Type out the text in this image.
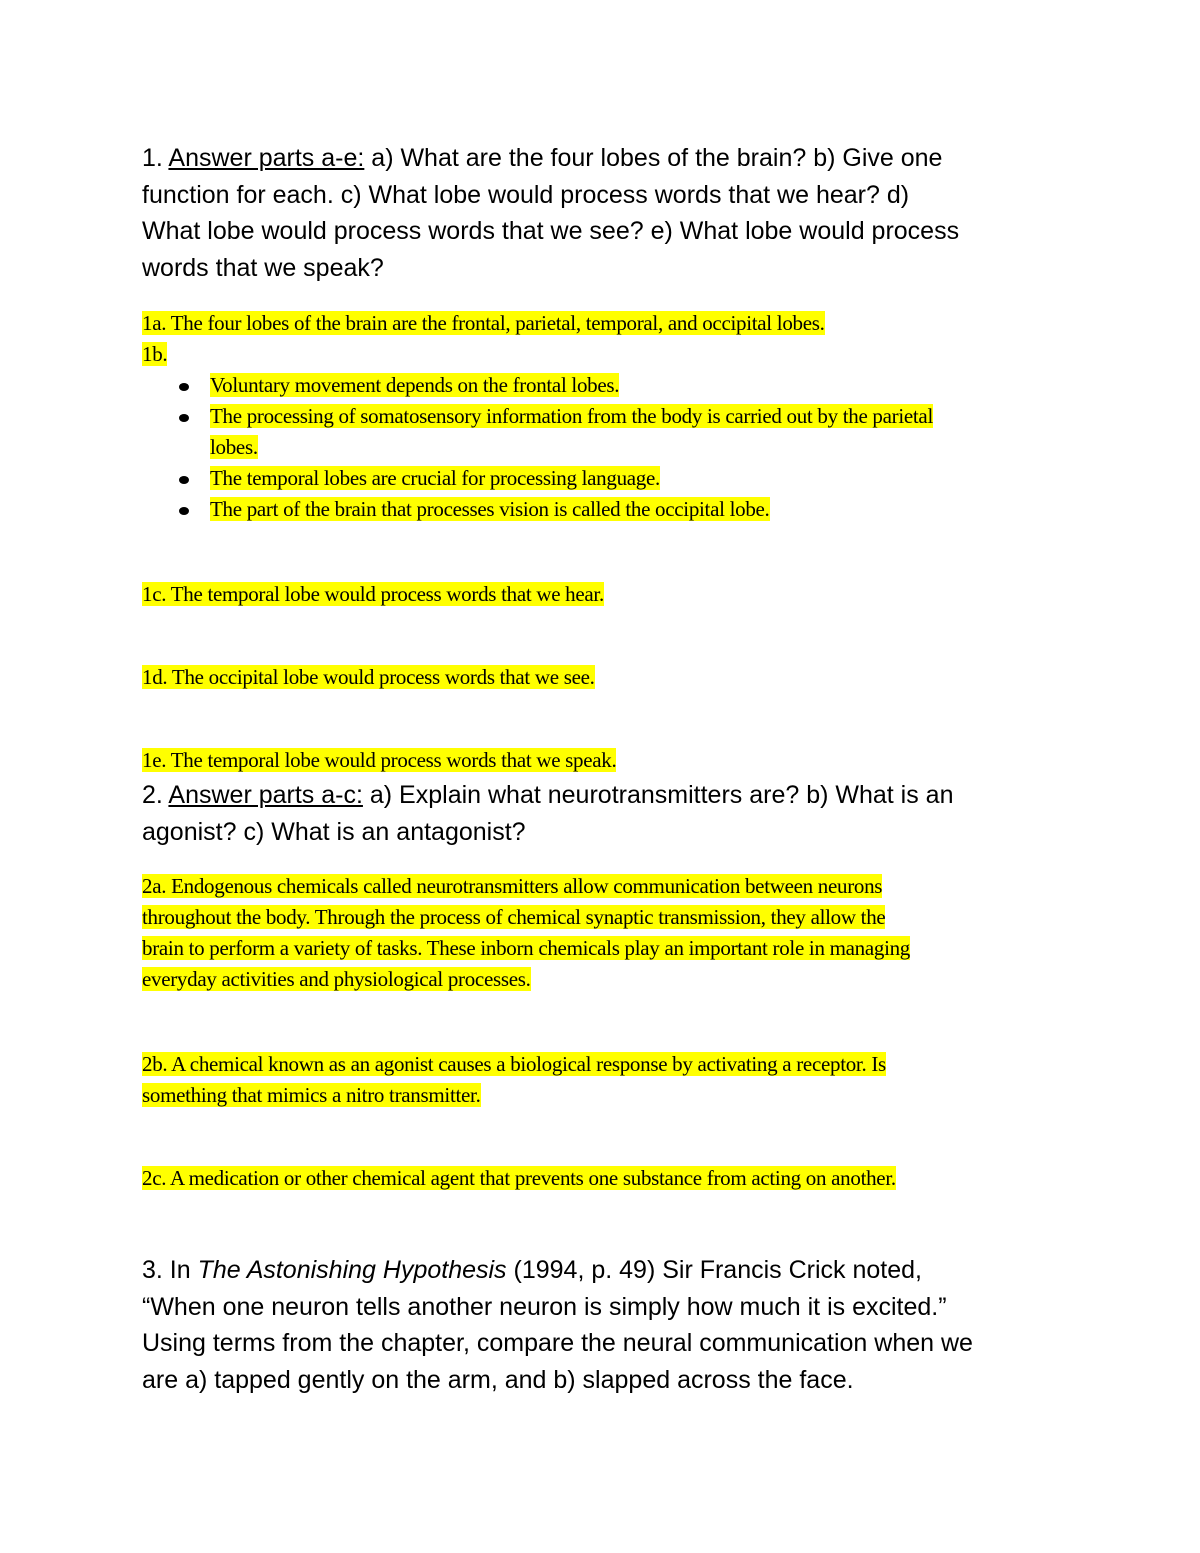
1. Answer parts a-e: a) What are the four lobes of the brain? b) Give one
function for each. c) What lobe would process words that we hear? d)
What lobe would process words that we see? e) What lobe would process
words that we speak?
1a. The four lobes of the brain are the frontal, parietal, temporal, and occipital lobes.
1b.
Voluntary movement depends on the frontal lobes.
The processing of somatosensory information from the body is carried out by the parietal
lobes.
The temporal lobes are crucial for processing language.
The part of the brain that processes vision is called the occipital lobe.
1c. The temporal lobe would process words that we hear.
1d. The occipital lobe would process words that we see.
1e. The temporal lobe would process words that we speak.
2. Answer parts a-c: a) Explain what neurotransmitters are? b) What is an
agonist? c) What is an antagonist?
2a. Endogenous chemicals called neurotransmitters allow communication between neurons
throughout the body. Through the process of chemical synaptic transmission, they allow the
brain to perform a variety of tasks. These inborn chemicals play an important role in managing
everyday activities and physiological processes.
2b. A chemical known as an agonist causes a biological response by activating a receptor. Is
something that mimics a nitro transmitter.
2c. A medication or other chemical agent that prevents one substance from acting on another.
3. In The Astonishing Hypothesis (1994, p. 49) Sir Francis Crick noted,
“When one neuron tells another neuron is simply how much it is excited.”
Using terms from the chapter, compare the neural communication when we
are a) tapped gently on the arm, and b) slapped across the face.
